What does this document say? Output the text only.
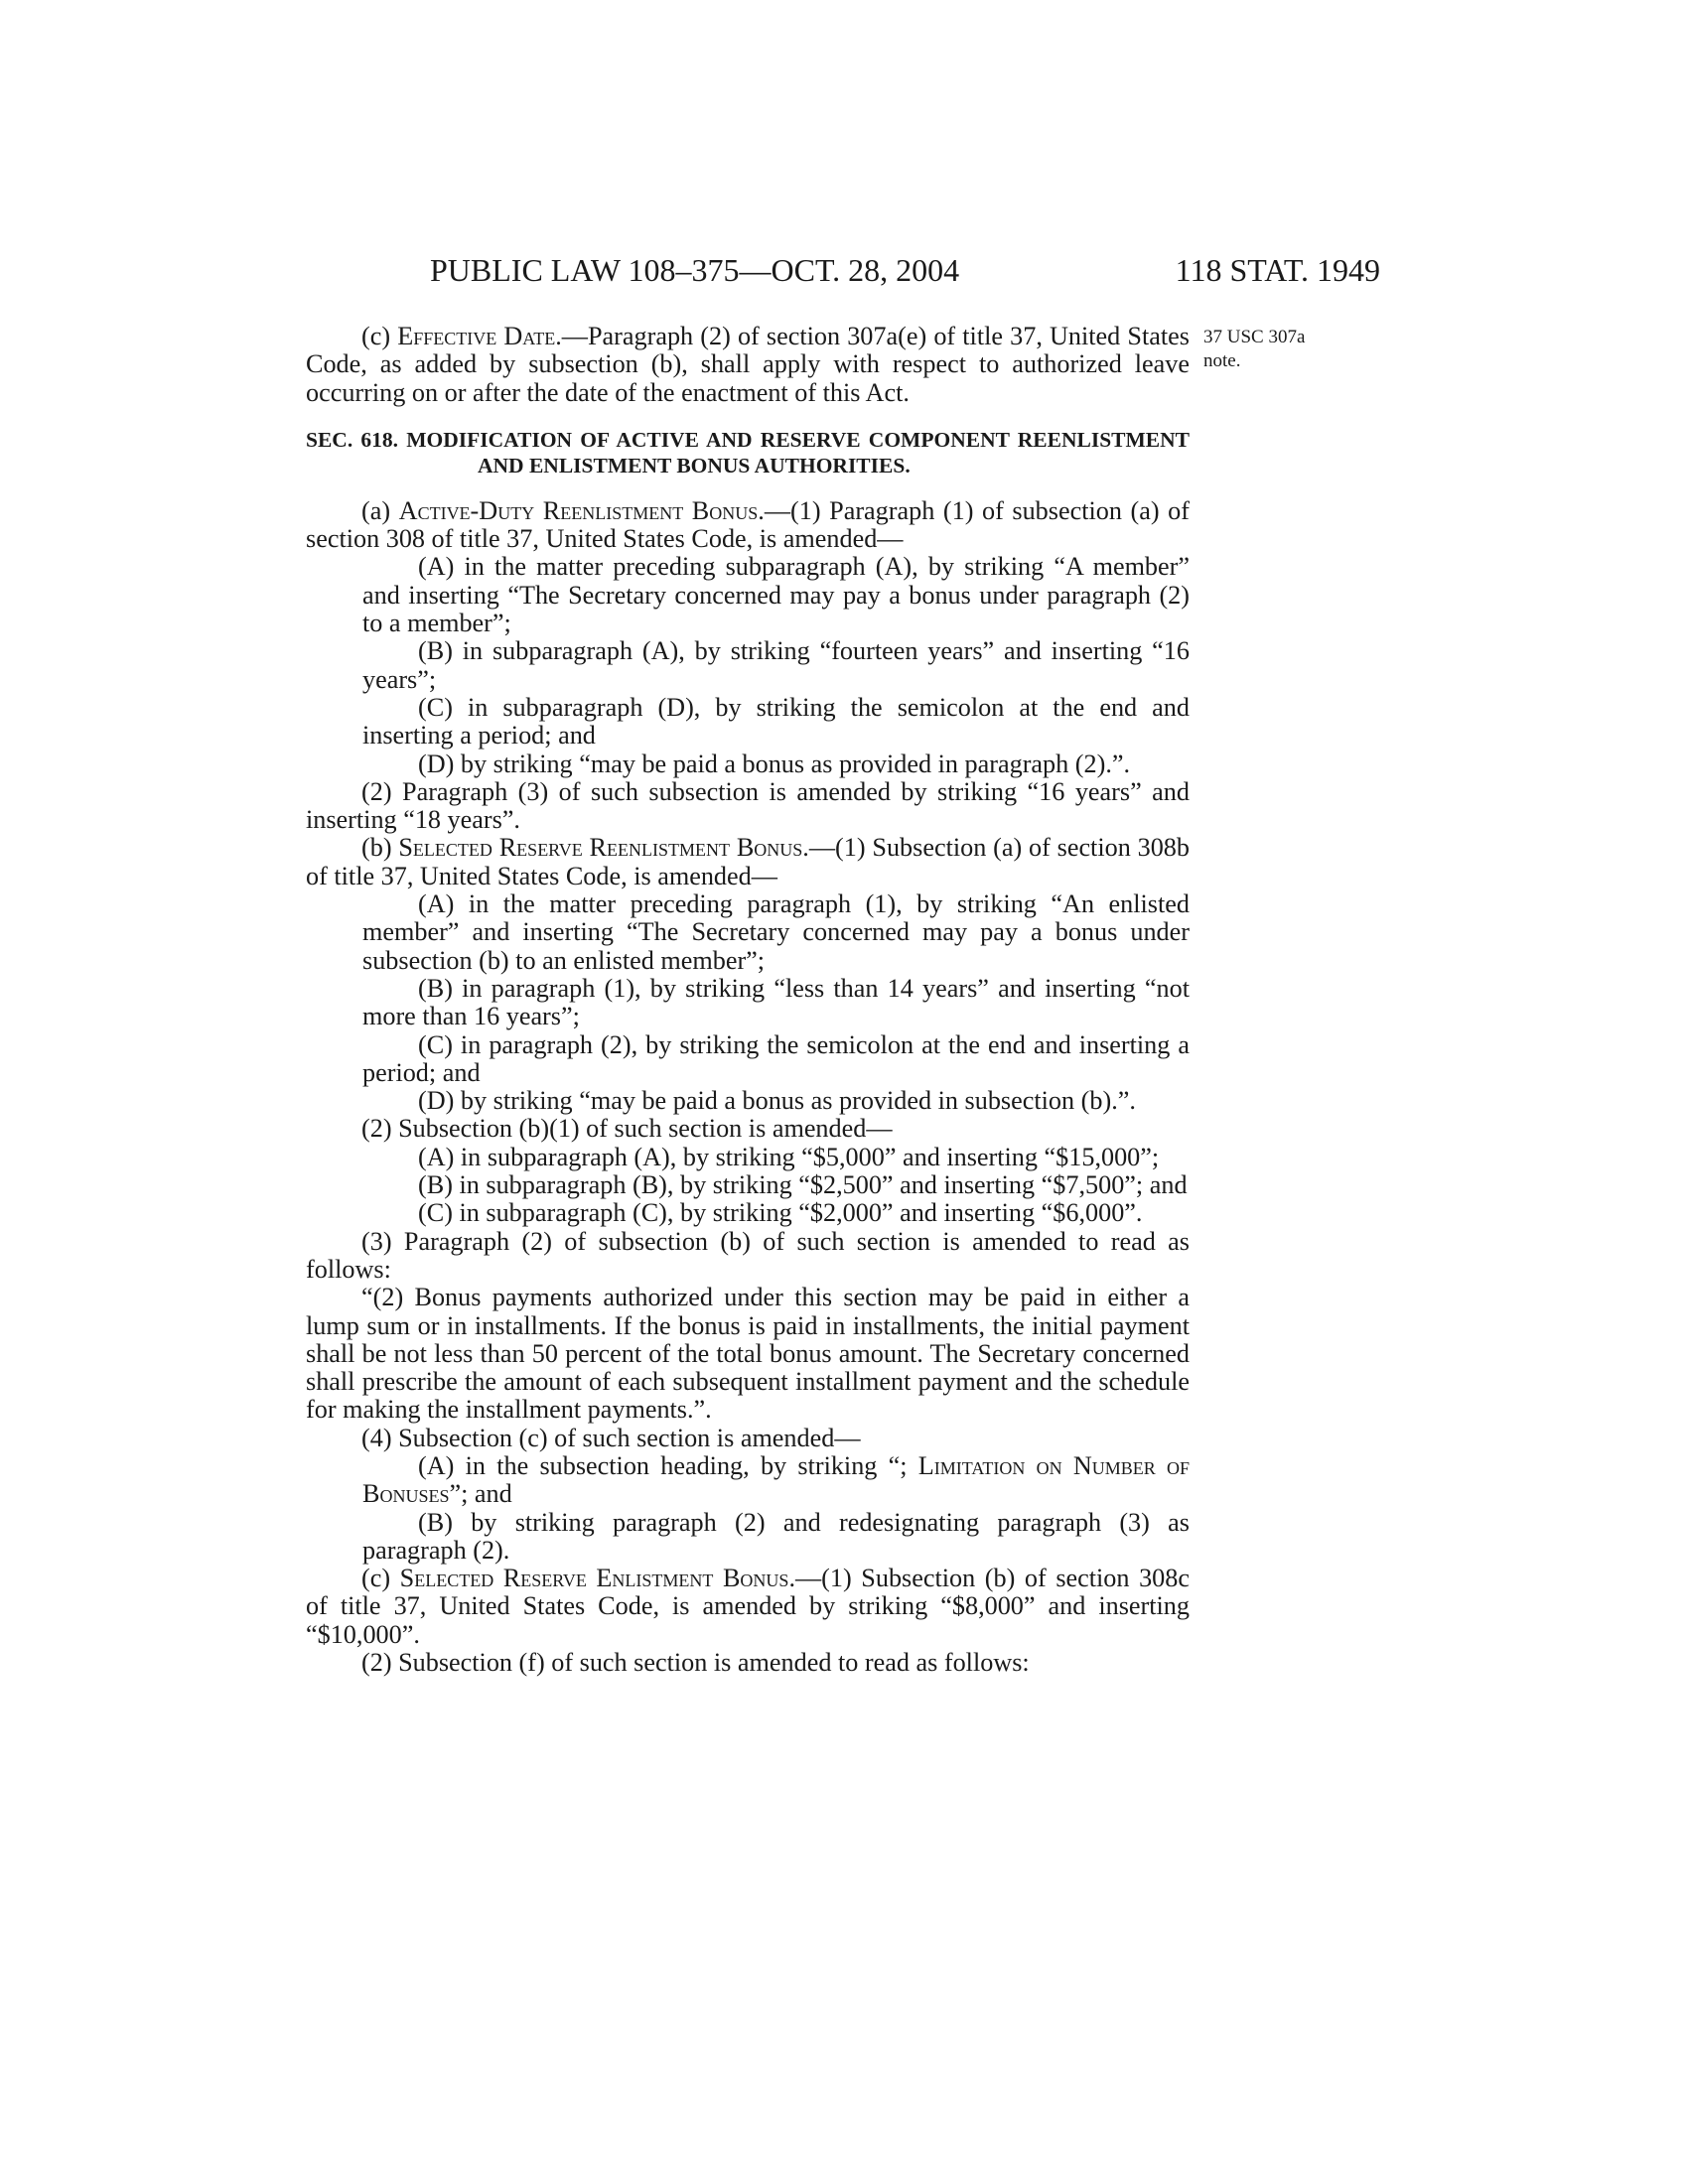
PUBLIC LAW 108–375—OCT. 28, 2004	118 STAT. 1949
37 USC 307a
note.

(c) Effective Date.—Paragraph (2) of section 307a(e) of title 37, United States Code, as added by subsection (b), shall apply with respect to authorized leave occurring on or after the date of the enactment of this Act.

SEC. 618. MODIFICATION OF ACTIVE AND RESERVE COMPONENT REENLISTMENT AND ENLISTMENT BONUS AUTHORITIES.

(a) Active-Duty Reenlistment Bonus.—(1) Paragraph (1) of subsection (a) of section 308 of title 37, United States Code, is amended—

(A) in the matter preceding subparagraph (A), by striking “A member” and inserting “The Secretary concerned may pay a bonus under paragraph (2) to a member”;

(B) in subparagraph (A), by striking “fourteen years” and inserting “16 years”;

(C) in subparagraph (D), by striking the semicolon at the end and inserting a period; and

(D) by striking “may be paid a bonus as provided in paragraph (2).”.

(2) Paragraph (3) of such subsection is amended by striking “16 years” and inserting “18 years”.

(b) Selected Reserve Reenlistment Bonus.—(1) Subsection (a) of section 308b of title 37, United States Code, is amended—

(A) in the matter preceding paragraph (1), by striking “An enlisted member” and inserting “The Secretary concerned may pay a bonus under subsection (b) to an enlisted member”;

(B) in paragraph (1), by striking “less than 14 years” and inserting “not more than 16 years”;

(C) in paragraph (2), by striking the semicolon at the end and inserting a period; and

(D) by striking “may be paid a bonus as provided in subsection (b).”.

(2) Subsection (b)(1) of such section is amended—

(A) in subparagraph (A), by striking “$5,000” and inserting “$15,000”;

(B) in subparagraph (B), by striking “$2,500” and inserting “$7,500”; and

(C) in subparagraph (C), by striking “$2,000” and inserting “$6,000”.

(3) Paragraph (2) of subsection (b) of such section is amended to read as follows:

“(2) Bonus payments authorized under this section may be paid in either a lump sum or in installments. If the bonus is paid in installments, the initial payment shall be not less than 50 percent of the total bonus amount. The Secretary concerned shall prescribe the amount of each subsequent installment payment and the schedule for making the installment payments.”.

(4) Subsection (c) of such section is amended—

(A) in the subsection heading, by striking “; Limitation on Number of Bonuses”; and

(B) by striking paragraph (2) and redesignating paragraph (3) as paragraph (2).

(c) Selected Reserve Enlistment Bonus.—(1) Subsection (b) of section 308c of title 37, United States Code, is amended by striking “$8,000” and inserting “$10,000”.

(2) Subsection (f) of such section is amended to read as follows:
